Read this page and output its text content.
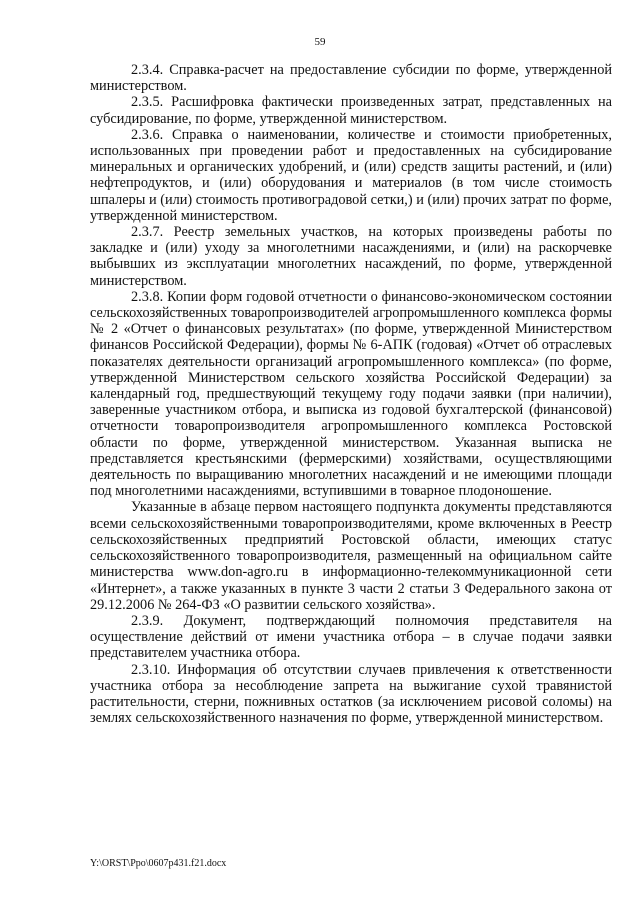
59

2.3.4. Справка-расчет на предоставление субсидии по форме, утвержденной министерством.

2.3.5. Расшифровка фактически произведенных затрат, представленных на субсидирование, по форме, утвержденной министерством.

2.3.6. Справка о наименовании, количестве и стоимости приобретенных, использованных при проведении работ и предоставленных на субсидирование минеральных и органических удобрений, и (или) средств защиты растений, и (или) нефтепродуктов, и (или) оборудования и материалов (в том числе стоимость шпалеры и (или) стоимость противоградовой сетки,) и (или) прочих затрат по форме, утвержденной министерством.

2.3.7. Реестр земельных участков, на которых произведены работы по закладке и (или) уходу за многолетними насаждениями, и (или) на раскорчевке выбывших из эксплуатации многолетних насаждений, по форме, утвержденной министерством.

2.3.8. Копии форм годовой отчетности о финансово-экономическом состоянии сельскохозяйственных товаропроизводителей агропромышленного комплекса формы № 2 «Отчет о финансовых результатах» (по форме, утвержденной Министерством финансов Российской Федерации), формы № 6-АПК (годовая) «Отчет об отраслевых показателях деятельности организаций агропромышленного комплекса» (по форме, утвержденной Министерством сельского хозяйства Российской Федерации) за календарный год, предшествующий текущему году подачи заявки (при наличии), заверенные участником отбора, и выписка из годовой бухгалтерской (финансовой) отчетности товаропроизводителя агропромышленного комплекса Ростовской области по форме, утвержденной министерством. Указанная выписка не представляется крестьянскими (фермерскими) хозяйствами, осуществляющими деятельность по выращиванию многолетних насаждений и не имеющими площади под многолетними насаждениями, вступившими в товарное плодоношение.

Указанные в абзаце первом настоящего подпункта документы представляются всеми сельскохозяйственными товаропроизводителями, кроме включенных в Реестр сельскохозяйственных предприятий Ростовской области, имеющих статус сельскохозяйственного товаропроизводителя, размещенный на официальном сайте министерства www.don-agro.ru в информационно-телекоммуникационной сети «Интернет», а также указанных в пункте 3 части 2 статьи 3 Федерального закона от 29.12.2006 № 264-ФЗ «О развитии сельского хозяйства».

2.3.9. Документ, подтверждающий полномочия представителя на осуществление действий от имени участника отбора – в случае подачи заявки представителем участника отбора.

2.3.10. Информация об отсутствии случаев привлечения к ответственности участника отбора за несоблюдение запрета на выжигание сухой травянистой растительности, стерни, пожнивных остатков (за исключением рисовой соломы) на землях сельскохозяйственного назначения по форме, утвержденной министерством.

Y:\ORST\Ppo\0607p431.f21.docx
